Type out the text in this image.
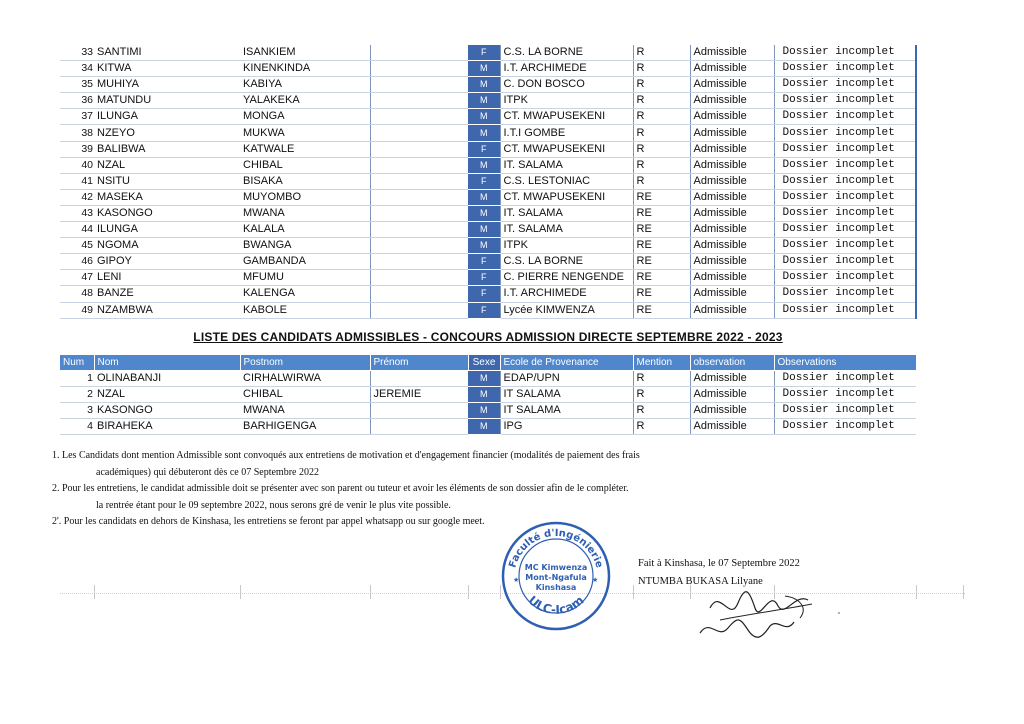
33	SANTIMI	ISANKIEM		F	C.S. LA BORNE	R	Admissible	Dossier incomplet
34	KITWA	KINENKINDA		M	I.T. ARCHIMEDE	R	Admissible	Dossier incomplet
35	MUHIYA	KABIYA		M	C. DON BOSCO	R	Admissible	Dossier incomplet
36	MATUNDU	YALAKEKA		M	ITPK	R	Admissible	Dossier incomplet
37	ILUNGA	MONGA		M	CT. MWAPUSEKENI	R	Admissible	Dossier incomplet
38	NZEYO	MUKWA		M	I.T.I GOMBE	R	Admissible	Dossier incomplet
39	BALIBWA	KATWALE		F	CT. MWAPUSEKENI	R	Admissible	Dossier incomplet
40	NZAL	CHIBAL		M	IT. SALAMA	R	Admissible	Dossier incomplet
41	NSITU	BISAKA		F	C.S. LESTONIAC	R	Admissible	Dossier incomplet
42	MASEKA	MUYOMBO		M	CT. MWAPUSEKENI	RE	Admissible	Dossier incomplet
43	KASONGO	MWANA		M	IT. SALAMA	RE	Admissible	Dossier incomplet
44	ILUNGA	KALALA		M	IT. SALAMA	RE	Admissible	Dossier incomplet
45	NGOMA	BWANGA		M	ITPK	RE	Admissible	Dossier incomplet
46	GIPOY	GAMBANDA		F	C.S. LA BORNE	RE	Admissible	Dossier incomplet
47	LENI	MFUMU		F	C. PIERRE NENGENDE	RE	Admissible	Dossier incomplet
48	BANZE	KALENGA		F	I.T. ARCHIMEDE	RE	Admissible	Dossier incomplet
49	NZAMBWA	KABOLE		F	Lycée KIMWENZA	RE	Admissible	Dossier incomplet
LISTE DES CANDIDATS ADMISSIBLES - CONCOURS ADMISSION DIRECTE SEPTEMBRE 2022 - 2023
Num	Nom	Postnom	Prénom	Sexe	Ecole de Provenance	Mention	observation	Observations
1	OLINABANJI	CIRHALWIRWA		M	EDAP/UPN	R	Admissible	Dossier incomplet
2	NZAL	CHIBAL	JEREMIE	M	IT SALAMA	R	Admissible	Dossier incomplet
3	KASONGO	MWANA		M	IT SALAMA	R	Admissible	Dossier incomplet
4	BIRAHEKA	BARHIGENGA		M	IPG	R	Admissible	Dossier incomplet

1. Les Candidats dont mention Admissible sont convoqués aux entretiens de motivation et d'engagement financier (modalités de paiement des frais

académiques) qui débuteront dès ce 07 Septembre 2022

2. Pour les entretiens, le candidat admissible doit se présenter avec son parent ou tuteur et avoir les éléments de son dossier afin de le compléter.

la rentrée étant pour le 09 septembre 2022, nous serons gré de venir le plus vite possible.

2'. Pour les candidats en dehors de Kinshasa, les entretiens se feront par appel whatsapp ou sur google meet.

Faculté d'Ingénierie
ULC-Icam
MC Kimwenza
Mont-Ngafula
Kinshasa
★	★
Fait à Kinshasa, le 07 Septembre 2022
NTUMBA BUKASA Lilyane
